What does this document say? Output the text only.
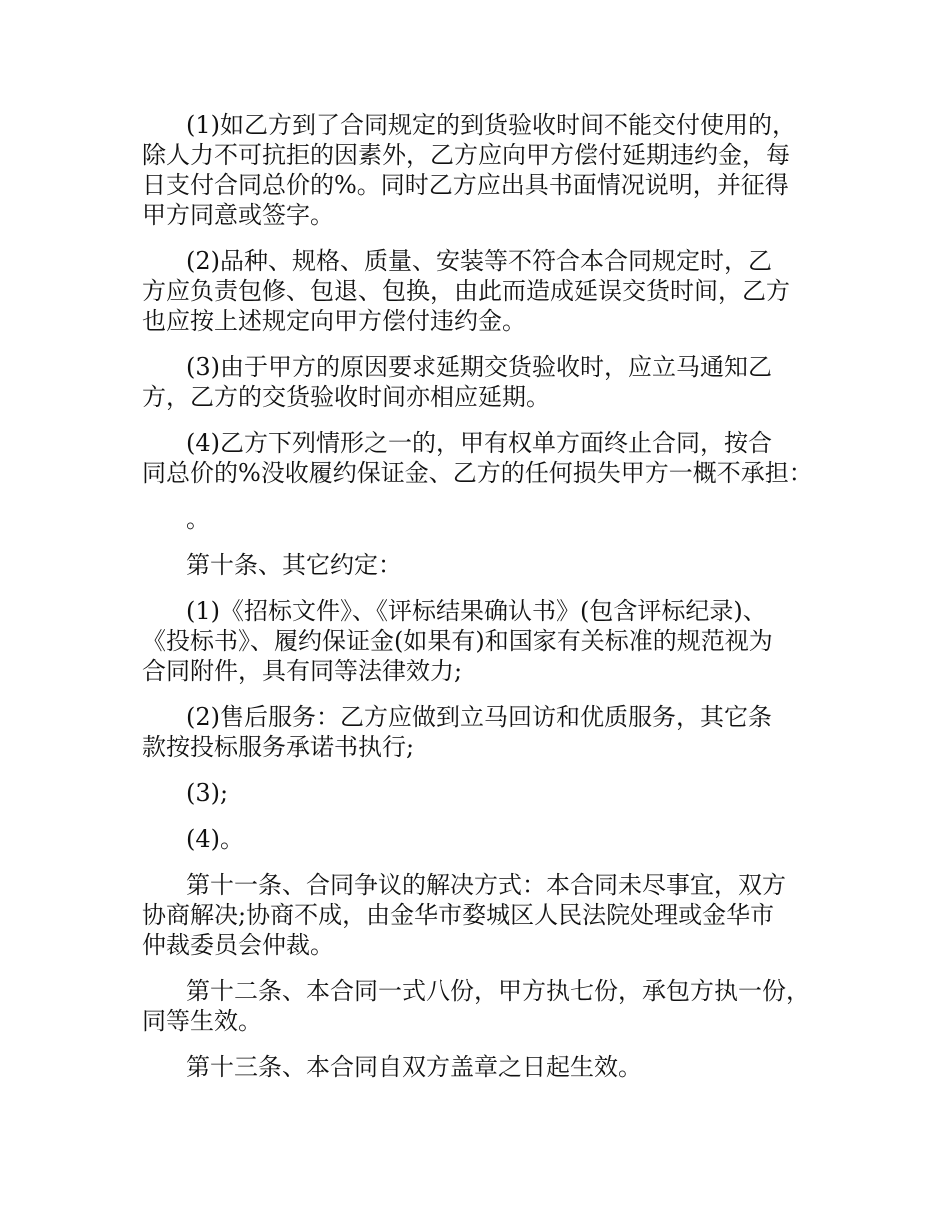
(1)如乙方到了合同规定的到货验收时间不能交付使用的，
除人力不可抗拒的因素外，乙方应向甲方偿付延期违约金，每
日支付合同总价的%。同时乙方应出具书面情况说明，并征得
甲方同意或签字。

(2)品种、规格、质量、安装等不符合本合同规定时，乙
方应负责包修、包退、包换，由此而造成延误交货时间，乙方
也应按上述规定向甲方偿付违约金。

(3)由于甲方的原因要求延期交货验收时，应立马通知乙
方，乙方的交货验收时间亦相应延期。

(4)乙方下列情形之一的，甲有权单方面终止合同，按合
同总价的%没收履约保证金、乙方的任何损失甲方一概不承担：

。

第十条、其它约定：

(1)《招标文件》、《评标结果确认书》(包含评标纪录)、
《投标书》、履约保证金(如果有)和国家有关标准的规范视为
合同附件，具有同等法律效力;

(2)售后服务：乙方应做到立马回访和优质服务，其它条
款按投标服务承诺书执行;

(3);

(4)。

第十一条、合同争议的解决方式：本合同未尽事宜，双方
协商解决;协商不成，由金华市婺城区人民法院处理或金华市
仲裁委员会仲裁。

第十二条、本合同一式八份，甲方执七份，承包方执一份，
同等生效。

第十三条、本合同自双方盖章之日起生效。
